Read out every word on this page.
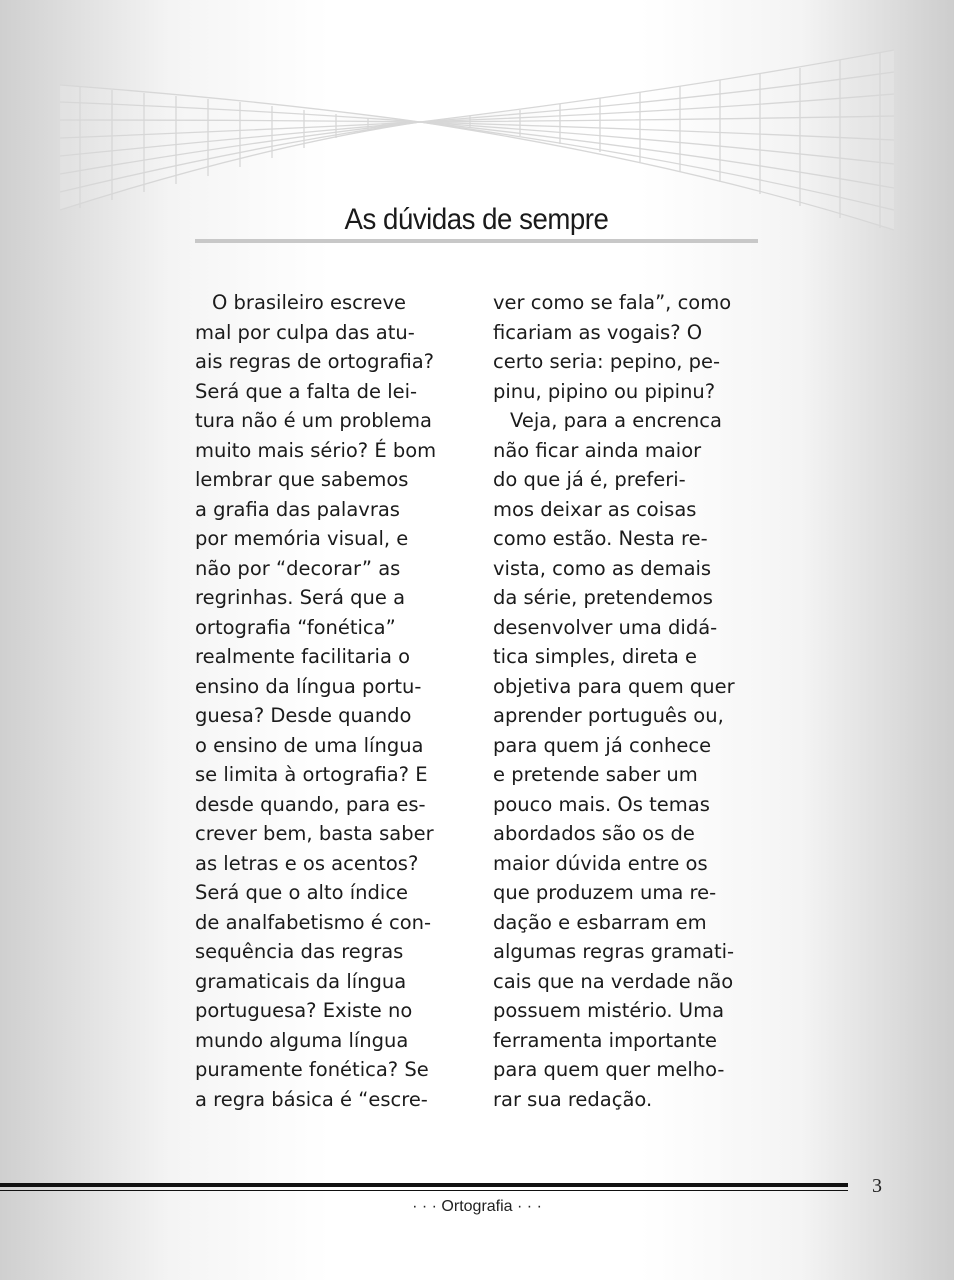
As dúvidas de sempre
O brasileiro escreve
mal por culpa das atu-
ais regras de ortografia?
Será que a falta de lei-
tura não é um problema
muito mais sério? É bom
lembrar que sabemos
a grafia das palavras
por memória visual, e
não por “decorar” as
regrinhas. Será que a
ortografia “fonética”
realmente facilitaria o
ensino da língua portu-
guesa? Desde quando
o ensino de uma língua
se limita à ortografia? E
desde quando, para es-
crever bem, basta saber
as letras e os acentos?
Será que o alto índice
de analfabetismo é con-
sequência das regras
gramaticais da língua
portuguesa? Existe no
mundo alguma língua
puramente fonética? Se
a regra básica é “escre-
ver como se fala”, como
ficariam as vogais? O
certo seria: pepino, pe-
pinu, pipino ou pipinu?
Veja, para a encrenca
não ficar ainda maior
do que já é, preferi-
mos deixar as coisas
como estão. Nesta re-
vista, como as demais
da série, pretendemos
desenvolver uma didá-
tica simples, direta e
objetiva para quem quer
aprender português ou,
para quem já conhece
e pretende saber um
pouco mais. Os temas
abordados são os de
maior dúvida entre os
que produzem uma re-
dação e esbarram em
algumas regras gramati-
cais que na verdade não
possuem mistério. Uma
ferramenta importante
para quem quer melho-
rar sua redação.
3
· · · Ortografia · · ·
